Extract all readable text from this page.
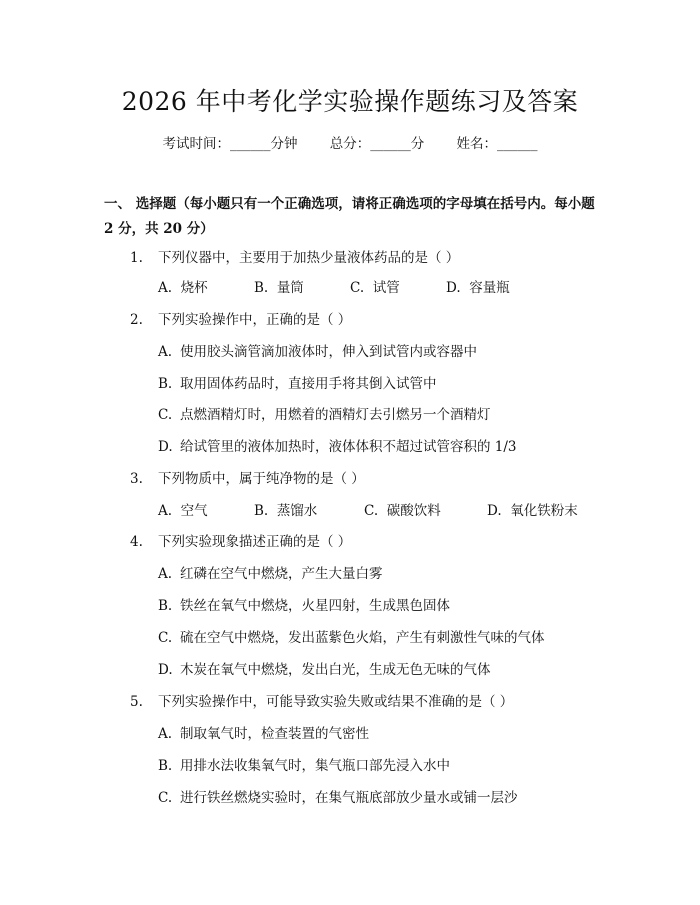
2026 年中考化学实验操作题练习及答案
考试时间：______分钟 总分：______分 姓名：______
一、 选择题（每小题只有一个正确选项，请将正确选项的字母填在括号内。每小题 2 分，共 20 分）
1. 下列仪器中，主要用于加热少量液体药品的是（ ）
A. 烧杯	B. 量筒	C. 试管	D. 容量瓶
2. 下列实验操作中，正确的是（ ）
A. 使用胶头滴管滴加液体时，伸入到试管内或容器中
B. 取用固体药品时，直接用手将其倒入试管中
C. 点燃酒精灯时，用燃着的酒精灯去引燃另一个酒精灯
D. 给试管里的液体加热时，液体体积不超过试管容积的 1/3
3. 下列物质中，属于纯净物的是（ ）
A. 空气	B. 蒸馏水	C. 碳酸饮料	D. 氧化铁粉末
4. 下列实验现象描述正确的是（ ）
A. 红磷在空气中燃烧，产生大量白雾
B. 铁丝在氧气中燃烧，火星四射，生成黑色固体
C. 硫在空气中燃烧，发出蓝紫色火焰，产生有刺激性气味的气体
D. 木炭在氧气中燃烧，发出白光，生成无色无味的气体
5. 下列实验操作中，可能导致实验失败或结果不准确的是（ ）
A. 制取氧气时，检查装置的气密性
B. 用排水法收集氧气时，集气瓶口部先浸入水中
C. 进行铁丝燃烧实验时，在集气瓶底部放少量水或铺一层沙
